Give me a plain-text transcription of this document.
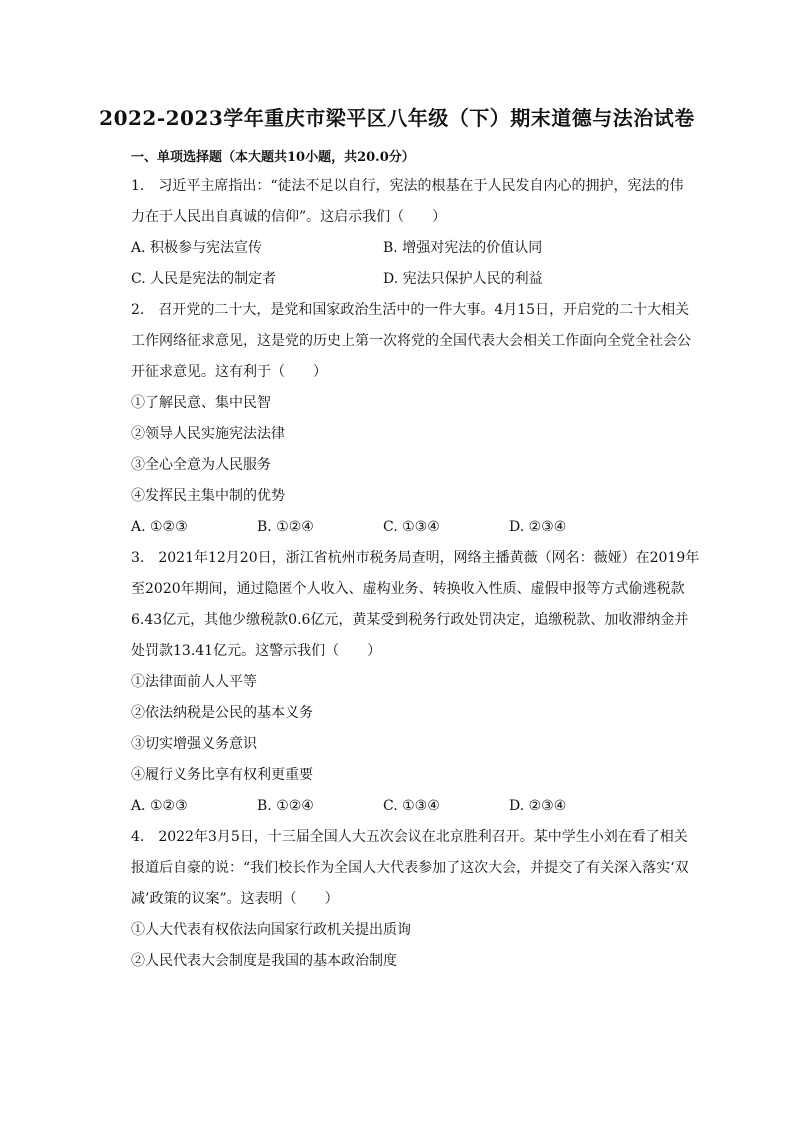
2022-2023学年重庆市梁平区八年级（下）期末道德与法治试卷
一、单项选择题（本大题共10小题，共20.0分）
1.　习近平主席指出：“徒法不足以自行，宪法的根基在于人民发自内心的拥护，宪法的伟
力在于人民出自真诚的信仰”。这启示我们（　　）
A. 积极参与宪法宣传	B. 增强对宪法的价值认同
C. 人民是宪法的制定者	D. 宪法只保护人民的利益
2.　召开党的二十大，是党和国家政治生活中的一件大事。4月15日，开启党的二十大相关
工作网络征求意见，这是党的历史上第一次将党的全国代表大会相关工作面向全党全社会公
开征求意见。这有利于（　　）
①了解民意、集中民智
②领导人民实施宪法法律
③全心全意为人民服务
④发挥民主集中制的优势
A. ①②③	B. ①②④	C. ①③④	D. ②③④
3.　2021年12月20日，浙江省杭州市税务局查明，网络主播黄薇（网名：薇娅）在2019年
至2020年期间，通过隐匿个人收入、虚构业务、转换收入性质、虚假申报等方式偷逃税款
6.43亿元，其他少缴税款0.6亿元，黄某受到税务行政处罚决定，追缴税款、加收滞纳金并
处罚款13.41亿元。这警示我们（　　）
①法律面前人人平等
②依法纳税是公民的基本义务
③切实增强义务意识
④履行义务比享有权利更重要
A. ①②③	B. ①②④	C. ①③④	D. ②③④
4.　2022年3月5日，十三届全国人大五次会议在北京胜利召开。某中学生小刘在看了相关
报道后自豪的说：“我们校长作为全国人大代表参加了这次大会，并提交了有关深入落实‘双
减’政策的议案”。这表明（　　）
①人大代表有权依法向国家行政机关提出质询
②人民代表大会制度是我国的基本政治制度
